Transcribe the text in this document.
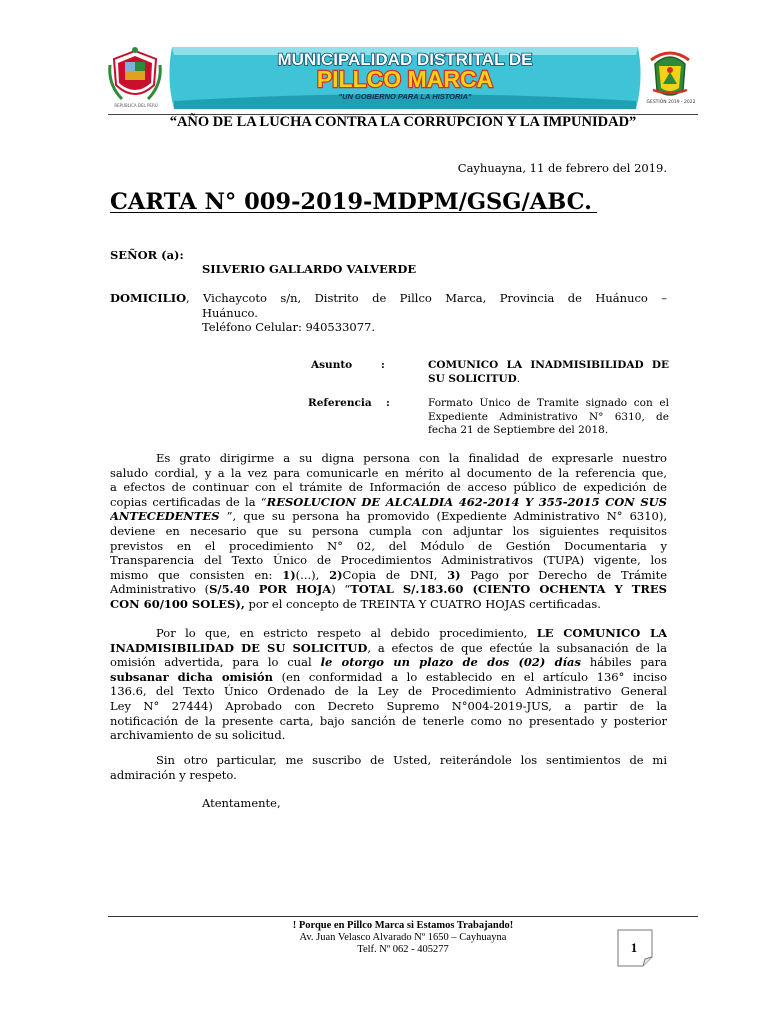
REPUBLICA DEL PERÚ
MUNICIPALIDAD DISTRITAL DE
PILLCO MARCA
"UN GOBIERNO PARA LA HISTORIA"
GESTIÓN 2019 - 2022
“AÑO DE LA LUCHA CONTRA LA CORRUPCION Y LA IMPUNIDAD”
Cayhuayna, 11 de febrero del 2019.
CARTA N° 009-2019-MDPM/GSG/ABC.
SEÑOR (a):
SILVERIO GALLARDO VALVERDE
DOMICILIO , Vichaycoto s/n, Distrito de Pillco Marca, Provincia de Huánuco –
Huánuco.
Teléfono Celular: 940533077.
Asunto	:	COMUNICO LA INADMISIBILIDAD DE
SU SOLICITUD.
Referencia :	Formato Único de Tramite signado con el
Expediente Administrativo N° 6310, de
fecha 21 de Septiembre del 2018.
Es grato dirigirme a su digna persona con la finalidad de expresarle nuestro
saludo cordial, y a la vez para comunicarle en mérito al documento de la referencia que,
a efectos de continuar con el trámite de Información de acceso público de expedición de
copias certificadas de la “RESOLUCION DE ALCALDIA 462-2014 Y 355-2015 CON SUS
ANTECEDENTES ”, que su persona ha promovido (Expediente Administrativo N° 6310),
deviene en necesario que su persona cumpla con adjuntar los siguientes requisitos
previstos en el procedimiento N° 02, del Módulo de Gestión Documentaria y
Transparencia del Texto Único de Procedimientos Administrativos (TUPA) vigente, los
mismo que consisten en: 1)(...), 2)Copia de DNI, 3) Pago por Derecho de Trámite
Administrativo (S/5.40 POR HOJA) “TOTAL S/.183.60 (CIENTO OCHENTA Y TRES
CON 60/100 SOLES), por el concepto de TREINTA Y CUATRO HOJAS certificadas.
Por lo que, en estricto respeto al debido procedimiento, LE COMUNICO LA
INADMISIBILIDAD DE SU SOLICITUD, a efectos de que efectúe la subsanación de la
omisión advertida, para lo cual le otorgo un plazo de dos (02) días hábiles para
subsanar dicha omisión (en conformidad a lo establecido en el artículo 136° inciso
136.6, del Texto Único Ordenado de la Ley de Procedimiento Administrativo General
Ley N° 27444) Aprobado con Decreto Supremo N°004-2019-JUS, a partir de la
notificación de la presente carta, bajo sanción de tenerle como no presentado y posterior
archivamiento de su solicitud.
Sin otro particular, me suscribo de Usted, reiterándole los sentimientos de mi
admiración y respeto.
Atentamente,
! Porque en Pillco Marca si Estamos Trabajando!
Av. Juan Velasco Alvarado Nº 1650 – Cayhuayna
Telf. Nº 062 - 405277	1
